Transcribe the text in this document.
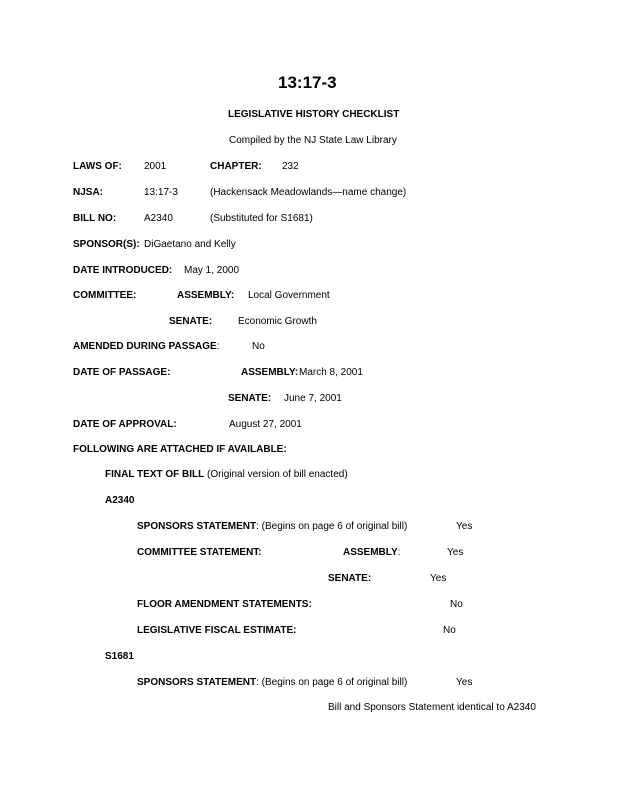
13:17-3
LEGISLATIVE HISTORY CHECKLIST
Compiled by the NJ State Law Library
LAWS OF: 2001	CHAPTER: 232
NJSA:	13:17-3	(Hackensack Meadowlands—name change)
BILL NO:	A2340	(Substituted for S1681)
SPONSOR(S): DiGaetano and Kelly
DATE INTRODUCED: May 1, 2000
COMMITTEE:	ASSEMBLY: Local Government
SENATE:	Economic Growth
AMENDED DURING PASSAGE:	No
DATE OF PASSAGE:	ASSEMBLY: March 8, 2001
SENATE: June 7, 2001
DATE OF APPROVAL:	August 27, 2001
FOLLOWING ARE ATTACHED IF AVAILABLE:
FINAL TEXT OF BILL (Original version of bill enacted)
A2340
SPONSORS STATEMENT: (Begins on page 6 of original bill)	Yes
COMMITTEE STATEMENT:	ASSEMBLY:	Yes
SENATE:	Yes
FLOOR AMENDMENT STATEMENTS:	No
LEGISLATIVE FISCAL ESTIMATE:	No
S1681
SPONSORS STATEMENT: (Begins on page 6 of original bill)	Yes
Bill and Sponsors Statement identical to A2340
